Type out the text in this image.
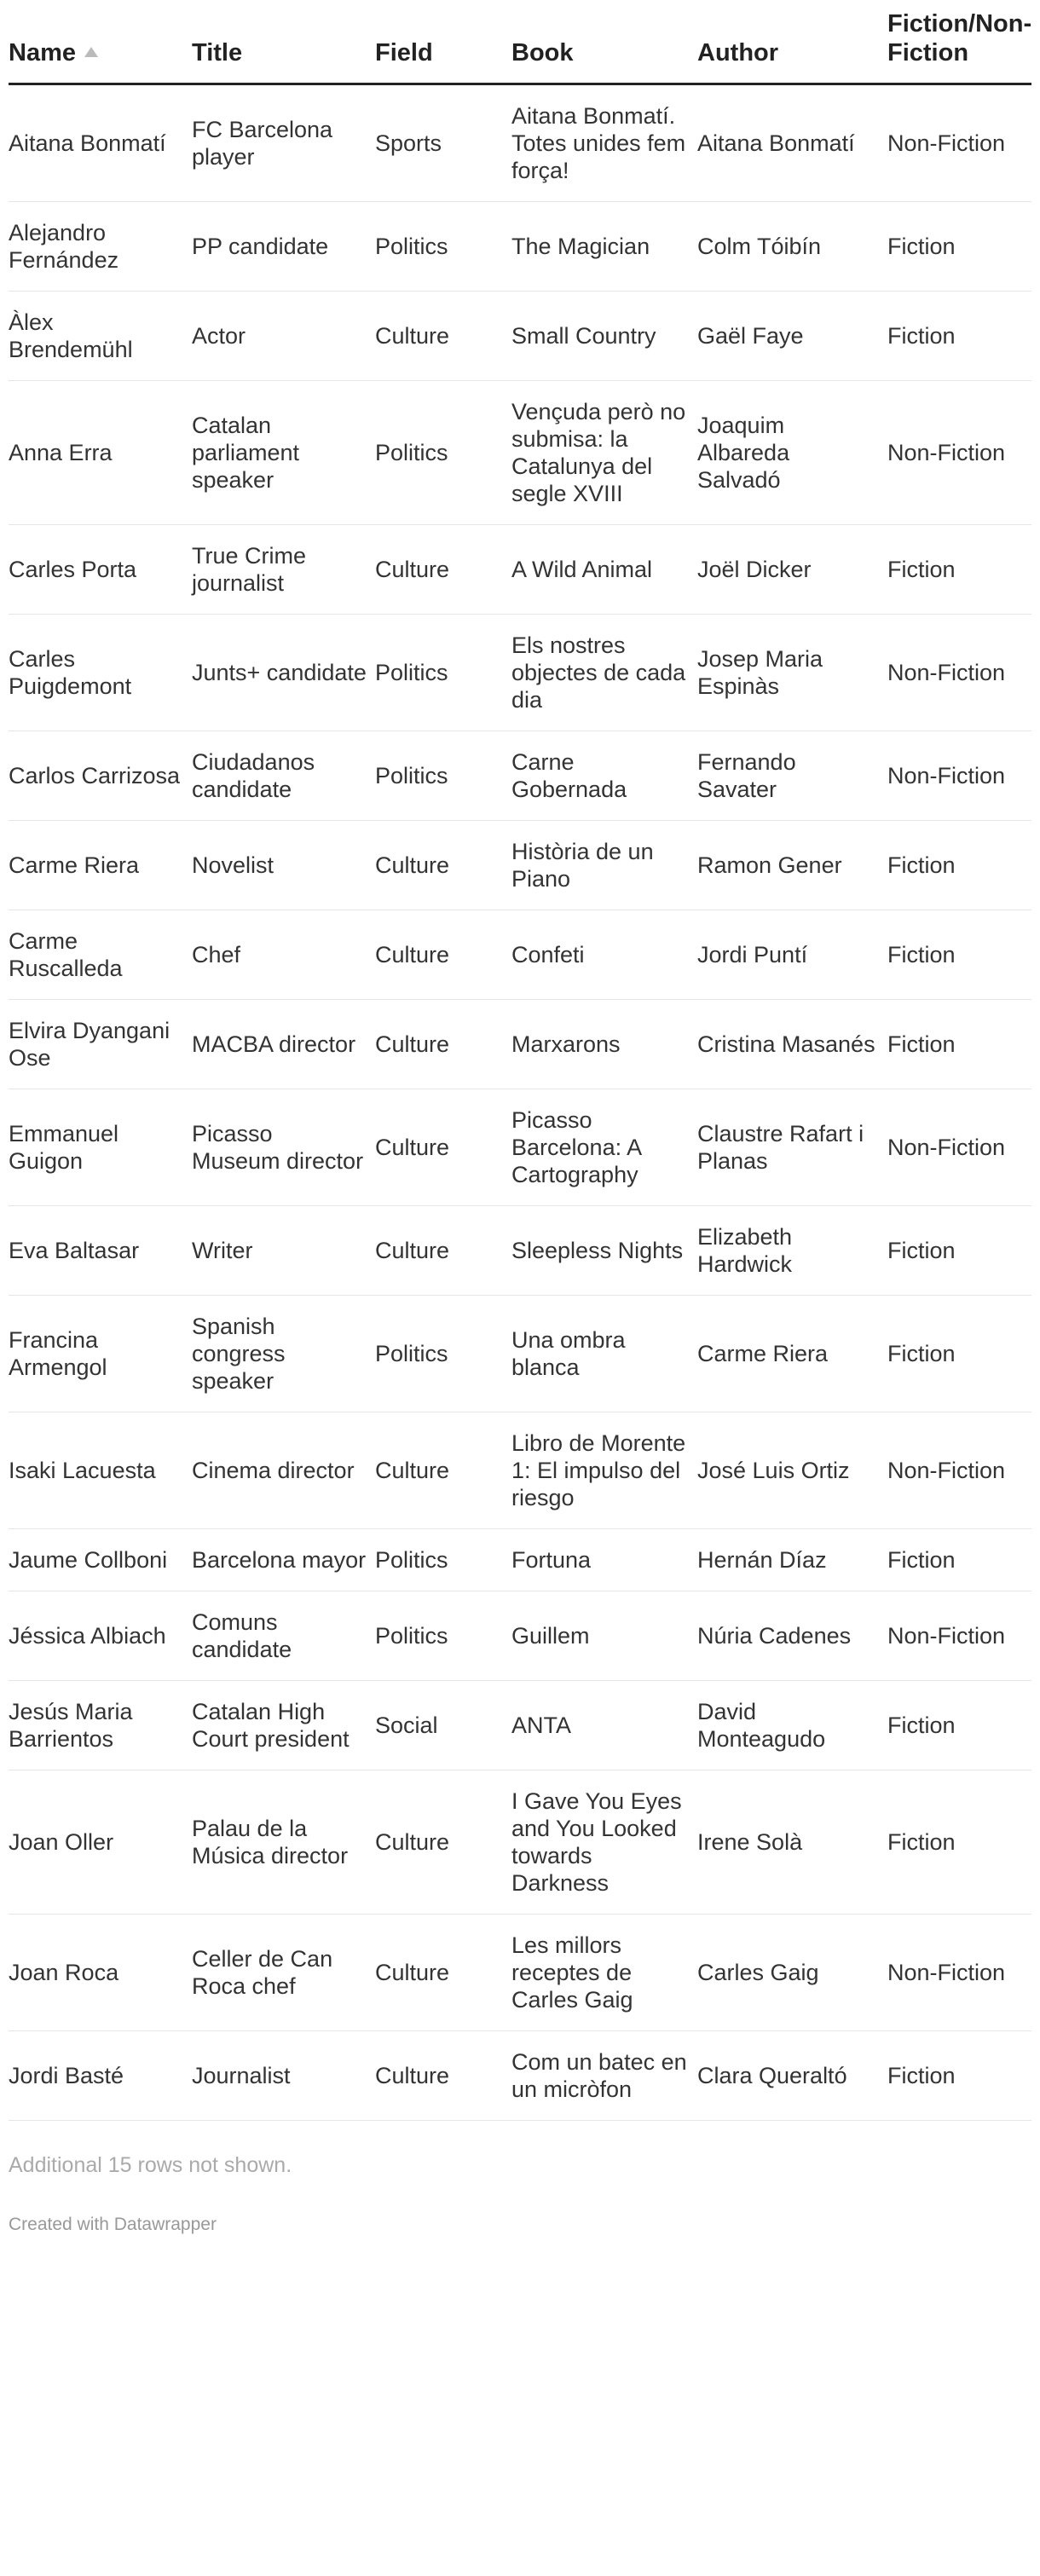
Name	Title	Field	Book	Author	Fiction/Non-Fiction
Aitana Bonmatí	FC Barcelona player	Sports	Aitana Bonmatí. Totes unides fem força!	Aitana Bonmatí	Non-Fiction
Alejandro Fernández	PP candidate	Politics	The Magician	Colm Tóibín	Fiction
Àlex Brendemühl	Actor	Culture	Small Country	Gaël Faye	Fiction
Anna Erra	Catalan parliament speaker	Politics	Vençuda però no submisa: la Catalunya del segle XVIII	Joaquim Albareda Salvadó	Non-Fiction
Carles Porta	True Crime journalist	Culture	A Wild Animal	Joël Dicker	Fiction
Carles Puigdemont	Junts+ candidate	Politics	Els nostres objectes de cada dia	Josep Maria Espinàs	Non-Fiction
Carlos Carrizosa	Ciudadanos candidate	Politics	Carne Gobernada	Fernando Savater	Non-Fiction
Carme Riera	Novelist	Culture	Història de un Piano	Ramon Gener	Fiction
Carme Ruscalleda	Chef	Culture	Confeti	Jordi Puntí	Fiction
Elvira Dyangani Ose	MACBA director	Culture	Marxarons	Cristina Masanés	Fiction
Emmanuel Guigon	Picasso Museum director	Culture	Picasso Barcelona: A Cartography	Claustre Rafart i Planas	Non-Fiction
Eva Baltasar	Writer	Culture	Sleepless Nights	Elizabeth Hardwick	Fiction
Francina Armengol	Spanish congress speaker	Politics	Una ombra blanca	Carme Riera	Fiction
Isaki Lacuesta	Cinema director	Culture	Libro de Morente 1: El impulso del riesgo	José Luis Ortiz	Non-Fiction
Jaume Collboni	Barcelona mayor	Politics	Fortuna	Hernán Díaz	Fiction
Jéssica Albiach	Comuns candidate	Politics	Guillem	Núria Cadenes	Non-Fiction
Jesús Maria Barrientos	Catalan High Court president	Social	ANTA	David Monteagudo	Fiction
Joan Oller	Palau de la Música director	Culture	I Gave You Eyes and You Looked towards Darkness	Irene Solà	Fiction
Joan Roca	Celler de Can Roca chef	Culture	Les millors receptes de Carles Gaig	Carles Gaig	Non-Fiction
Jordi Basté	Journalist	Culture	Com un batec en un micròfon	Clara Queraltó	Fiction
Additional 15 rows not shown.
Created with Datawrapper
